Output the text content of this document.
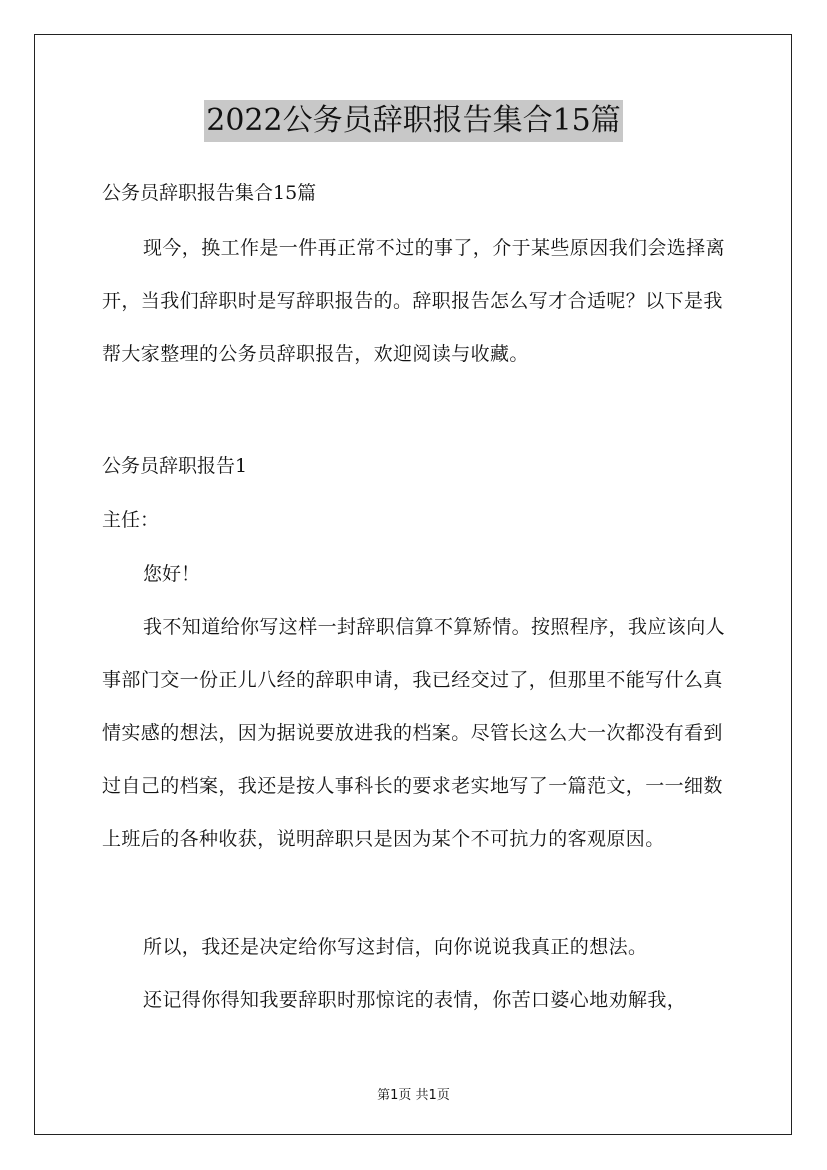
2022公务员辞职报告集合15篇
公务员辞职报告集合15篇
现今，换工作是一件再正常不过的事了，介于某些原因我们会选择离开，当我们辞职时是写辞职报告的。辞职报告怎么写才合适呢？以下是我帮大家整理的公务员辞职报告，欢迎阅读与收藏。
公务员辞职报告1
主任：
您好！
我不知道给你写这样一封辞职信算不算矫情。按照程序，我应该向人事部门交一份正儿八经的辞职申请，我已经交过了，但那里不能写什么真情实感的想法，因为据说要放进我的档案。尽管长这么大一次都没有看到过自己的档案，我还是按人事科长的要求老实地写了一篇范文，一一细数上班后的各种收获，说明辞职只是因为某个不可抗力的客观原因。
所以，我还是决定给你写这封信，向你说说我真正的想法。
还记得你得知我要辞职时那惊诧的表情，你苦口婆心地劝解我，
第1页 共1页
